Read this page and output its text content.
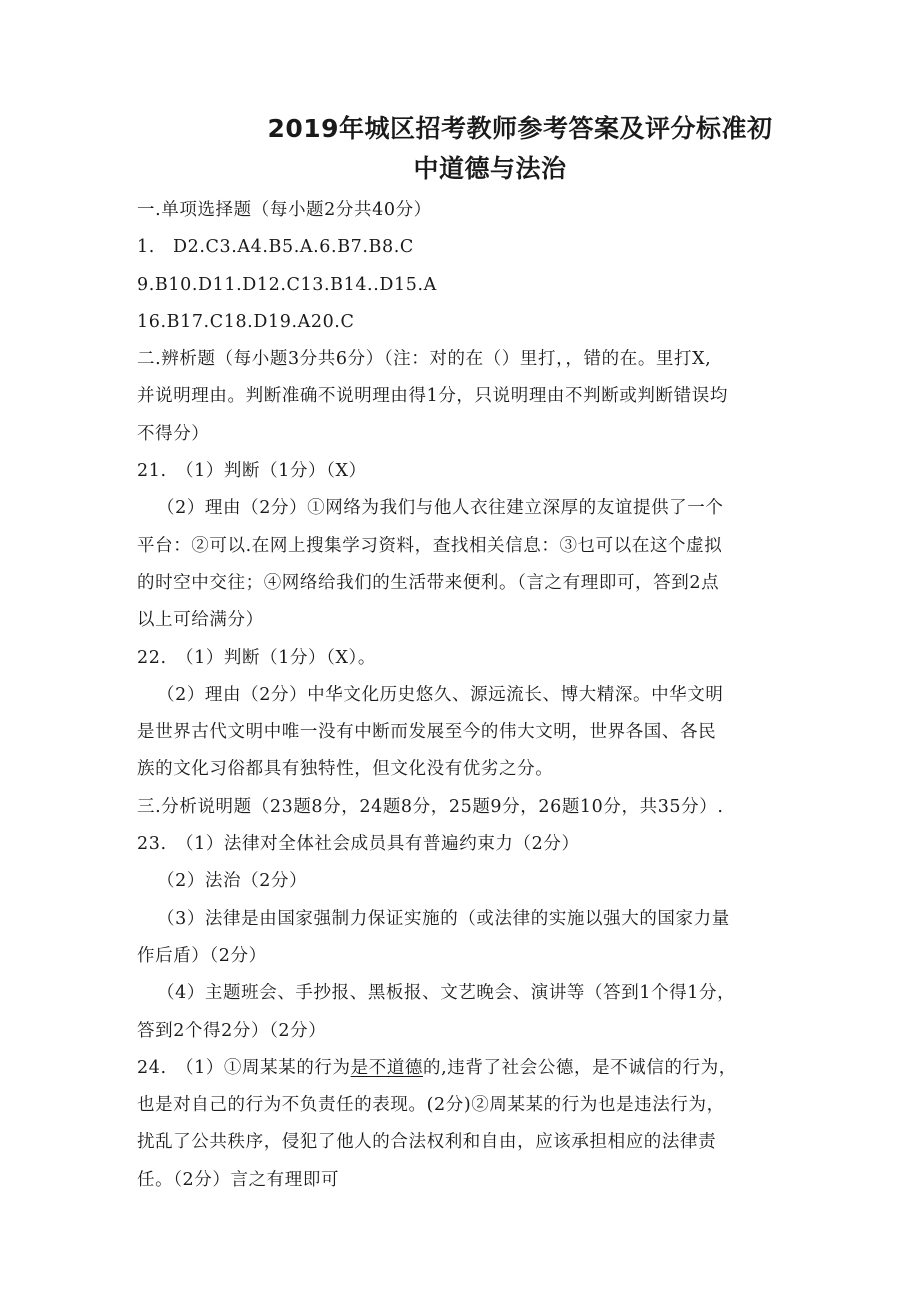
2019年城区招考教师参考答案及评分标准初
中道德与法治
一.单项选择题（每小题2分共40分）
1.　D2.C3.A4.B5.A.6.B7.B8.C
9.B10.D11.D12.C13.B14..D15.A
16.B17.C18.D19.A20.C
二.辨析题（每小题3分共6分）（注：对的在（）里打，，错的在。里打X,
并说明理由。判断准确不说明理由得1分，只说明理由不判断或判断错误均
不得分）
21.　（1）判断（1分）（X）
（2）理由（2分）①网络为我们与他人衣往建立深厚的友谊提供了一个
平台：②可以.在网上搜集学习资料，查找相关信息：③乜可以在这个虚拟
的时空中交往；④网络给我们的生活带来便利。（言之有理即可，答到2点
以上可给满分）
22.　（1）判断（1分）（X）。
（2）理由（2分）中华文化历史悠久、源远流长、博大精深。中华文明
是世界古代文明中唯一没有中断而发展至今的伟大文明，世界各国、各民
族的文化习俗都具有独特性，但文化没有优劣之分。
三.分析说明题（23题8分，24题8分，25题9分，26题10分，共35分）.
23.　（1）法律对全体社会成员具有普遍约束力（2分）
（2）法治（2分）
（3）法律是由国家强制力保证实施的（或法律的实施以强大的国家力量
作后盾）（2分）
（4）主题班会、手抄报、黑板报、文艺晚会、演讲等（答到1个得1分，
答到2个得2分）（2分）
24.　（1）①周某某的行为是不道德的,违背了社会公德，是不诚信的行为，
也是对自己的行为不负责任的表现。(2分)②周某某的行为也是违法行为，
扰乱了公共秩序，侵犯了他人的合法权利和自由，应该承担相应的法律责
任。（2分）言之有理即可
